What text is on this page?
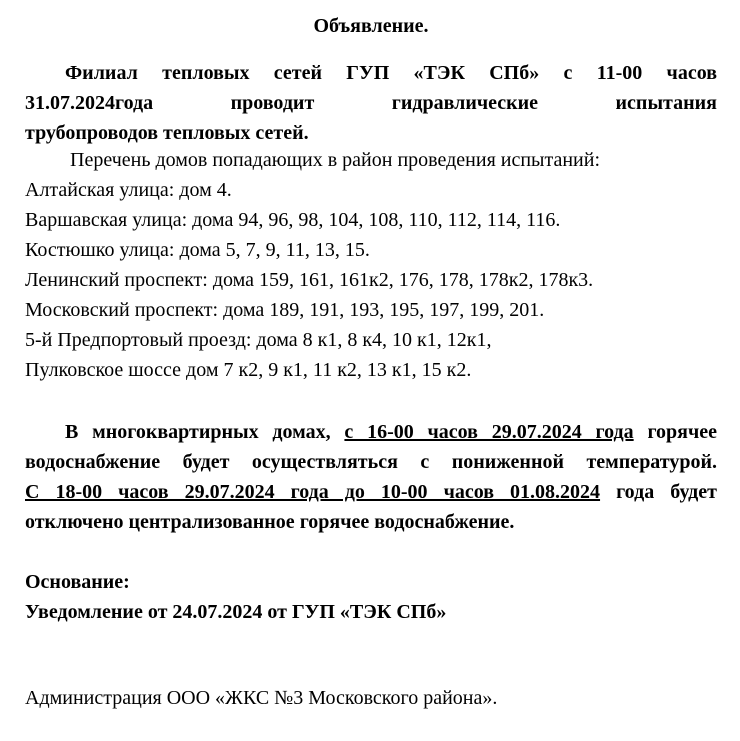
Объявление.
Филиал тепловых сетей ГУП «ТЭК СПб» с 11-00 часов
31.07.2024года проводит гидравлические испытания
трубопроводов тепловых сетей.
Перечень домов попадающих в район проведения испытаний:
Алтайская улица: дом 4.
Варшавская улица: дома 94, 96, 98, 104, 108, 110, 112, 114, 116.
Костюшко улица: дома 5, 7, 9, 11, 13, 15.
Ленинский проспект: дома 159, 161, 161к2, 176, 178, 178к2, 178к3.
Московский проспект: дома 189, 191, 193, 195, 197, 199, 201.
5-й Предпортовый проезд: дома 8 к1, 8 к4, 10 к1, 12к1,
Пулковское шоссе дом 7 к2, 9 к1, 11 к2, 13 к1, 15 к2.
В многоквартирных домах, с 16-00 часов 29.07.2024 года горячее
водоснабжение будет осуществляться с пониженной температурой.
С 18-00 часов 29.07.2024 года до 10-00 часов 01.08.2024 года будет
отключено централизованное горячее водоснабжение.
Основание:
Уведомление от 24.07.2024 от ГУП «ТЭК СПб»
Администрация ООО «ЖКС №3 Московского района».
